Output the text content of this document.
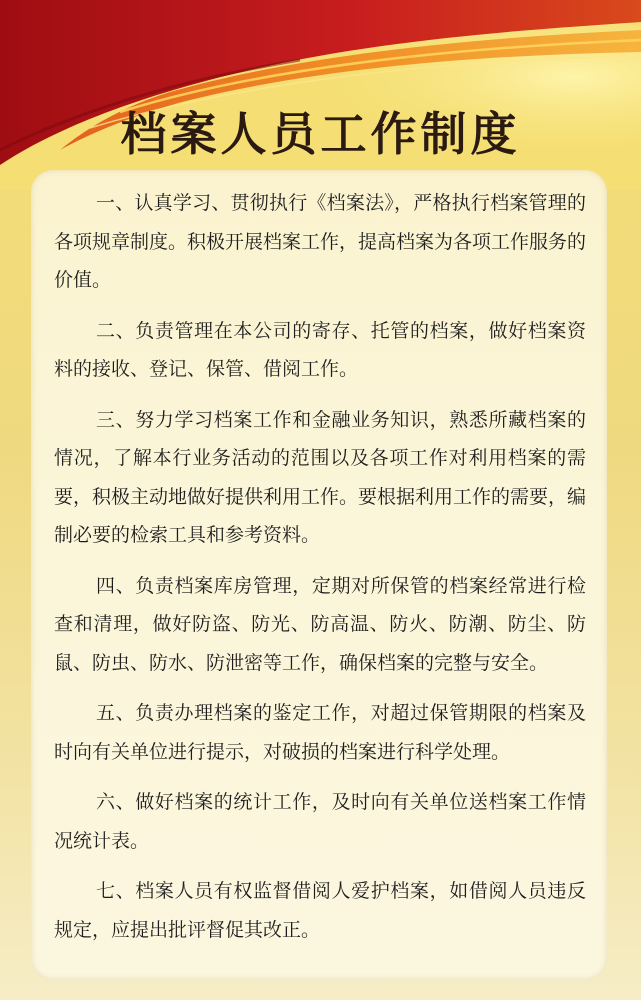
档案人员工作制度

一、认真学习、贯彻执行《档案法》，严格执行档案管理的各项规章制度。积极开展档案工作，提高档案为各项工作服务的价值。

二、负责管理在本公司的寄存、托管的档案，做好档案资料的接收、登记、保管、借阅工作。

三、努力学习档案工作和金融业务知识，熟悉所藏档案的情况，了解本行业务活动的范围以及各项工作对利用档案的需要，积极主动地做好提供利用工作。要根据利用工作的需要，编制必要的检索工具和参考资料。

四、负责档案库房管理，定期对所保管的档案经常进行检查和清理，做好防盗、防光、防高温、防火、防潮、防尘、防鼠、防虫、防水、防泄密等工作，确保档案的完整与安全。

五、负责办理档案的鉴定工作，对超过保管期限的档案及时向有关单位进行提示，对破损的档案进行科学处理。

六、做好档案的统计工作，及时向有关单位送档案工作情况统计表。

七、档案人员有权监督借阅人爱护档案，如借阅人员违反规定，应提出批评督促其改正。
